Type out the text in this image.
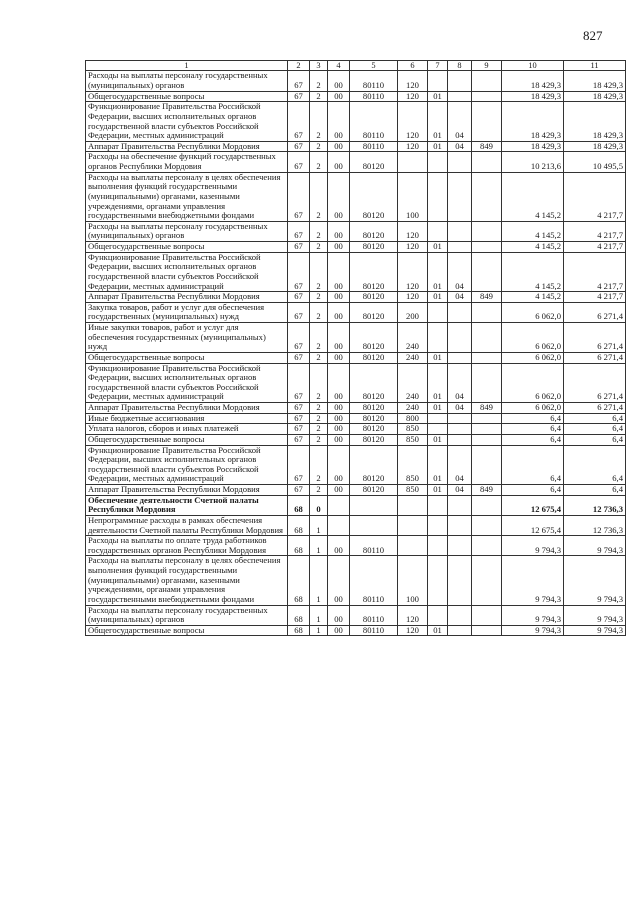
827
1	2	3	4	5	6	7	8	9	10	11
Расходы на выплаты персоналу государственных (муниципальных) органов	67	2	00	80110	120				18 429,3	18 429,3
Общегосударственные вопросы	67	2	00	80110	120	01			18 429,3	18 429,3
Функционирование Правительства Российской Федерации, высших исполнительных органов государственной власти субъектов Российской Федерации, местных администраций	67	2	00	80110	120	01	04		18 429,3	18 429,3
Аппарат Правительства Республики Мордовия	67	2	00	80110	120	01	04	849	18 429,3	18 429,3
Расходы на обеспечение функций государственных органов Республики Мордовия	67	2	00	80120					10 213,6	10 495,5
Расходы на выплаты персоналу в целях обеспечения выполнения функций государственными (муниципальными) органами, казенными учреждениями, органами управления государственными внебюджетными фондами	67	2	00	80120	100				4 145,2	4 217,7
Расходы на выплаты персоналу государственных (муниципальных) органов	67	2	00	80120	120				4 145,2	4 217,7
Общегосударственные вопросы	67	2	00	80120	120	01			4 145,2	4 217,7
Функционирование Правительства Российской Федерации, высших исполнительных органов государственной власти субъектов Российской Федерации, местных администраций	67	2	00	80120	120	01	04		4 145,2	4 217,7
Аппарат Правительства Республики Мордовия	67	2	00	80120	120	01	04	849	4 145,2	4 217,7
Закупка товаров, работ и услуг для обеспечения государственных (муниципальных) нужд	67	2	00	80120	200				6 062,0	6 271,4
Иные закупки товаров, работ и услуг для обеспечения государственных (муниципальных) нужд	67	2	00	80120	240				6 062,0	6 271,4
Общегосударственные вопросы	67	2	00	80120	240	01			6 062,0	6 271,4
Функционирование Правительства Российской Федерации, высших исполнительных органов государственной власти субъектов Российской Федерации, местных администраций	67	2	00	80120	240	01	04		6 062,0	6 271,4
Аппарат Правительства Республики Мордовия	67	2	00	80120	240	01	04	849	6 062,0	6 271,4
Иные бюджетные ассигнования	67	2	00	80120	800				6,4	6,4
Уплата налогов, сборов и иных платежей	67	2	00	80120	850				6,4	6,4
Общегосударственные вопросы	67	2	00	80120	850	01			6,4	6,4
Функционирование Правительства Российской Федерации, высших исполнительных органов государственной власти субъектов Российской Федерации, местных администраций	67	2	00	80120	850	01	04		6,4	6,4
Аппарат Правительства Республики Мордовия	67	2	00	80120	850	01	04	849	6,4	6,4
Обеспечение деятельности Счетной палаты Республики Мордовия	68	0							12 675,4	12 736,3
Непрограммные расходы в рамках обеспечения деятельности Счетной палаты Республики Мордовия	68	1							12 675,4	12 736,3
Расходы на выплаты по оплате труда работников государственных органов Республики Мордовия	68	1	00	80110					9 794,3	9 794,3
Расходы на выплаты персоналу в целях обеспечения выполнения функций государственными (муниципальными) органами, казенными учреждениями, органами управления государственными внебюджетными фондами	68	1	00	80110	100				9 794,3	9 794,3
Расходы на выплаты персоналу государственных (муниципальных) органов	68	1	00	80110	120				9 794,3	9 794,3
Общегосударственные вопросы	68	1	00	80110	120	01			9 794,3	9 794,3
